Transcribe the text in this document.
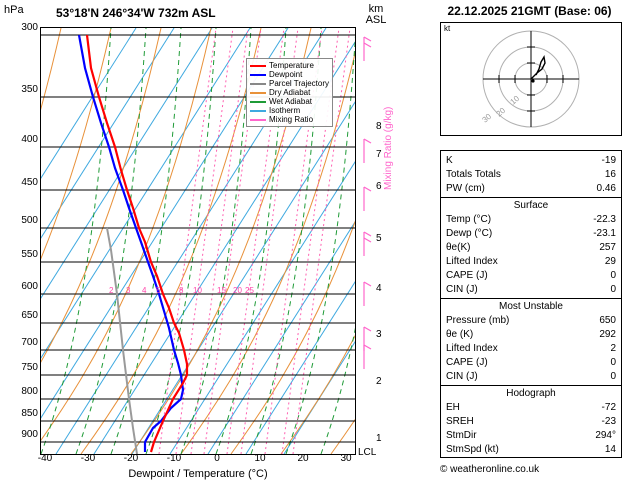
hPa	km
ASL
53°18'N 246°34'W 732m ASL
300
350
400
450
500
550
600
650
700
750
800
850
900
2 3 4 5 8 10 15 20 25
Temperature
Dewpoint
Parcel Trajectory
Dry Adiabat
Wet Adiabat
Isotherm
Mixing Ratio
-40	-30	-20	-10	0	10	20	30
Dewpoint / Temperature (°C)
8
7
6
5
4
3
2
1
LCL
Mixing Ratio (g/kg)
22.12.2025 21GMT (Base: 06)
kt
10
20
30
K	-19
Totals Totals	16
PW (cm)	0.46
Surface
Temp (°C)	-22.3
Dewp (°C)	-23.1
θe(K)	257
Lifted Index	29
CAPE (J)	0
CIN (J)	0
Most Unstable
Pressure (mb)	650
θe (K)	292
Lifted Index	2
CAPE (J)	0
CIN (J)	0
Hodograph
EH	-72
SREH	-23
StmDir	294°
StmSpd (kt)	14
© weatheronline.co.uk
